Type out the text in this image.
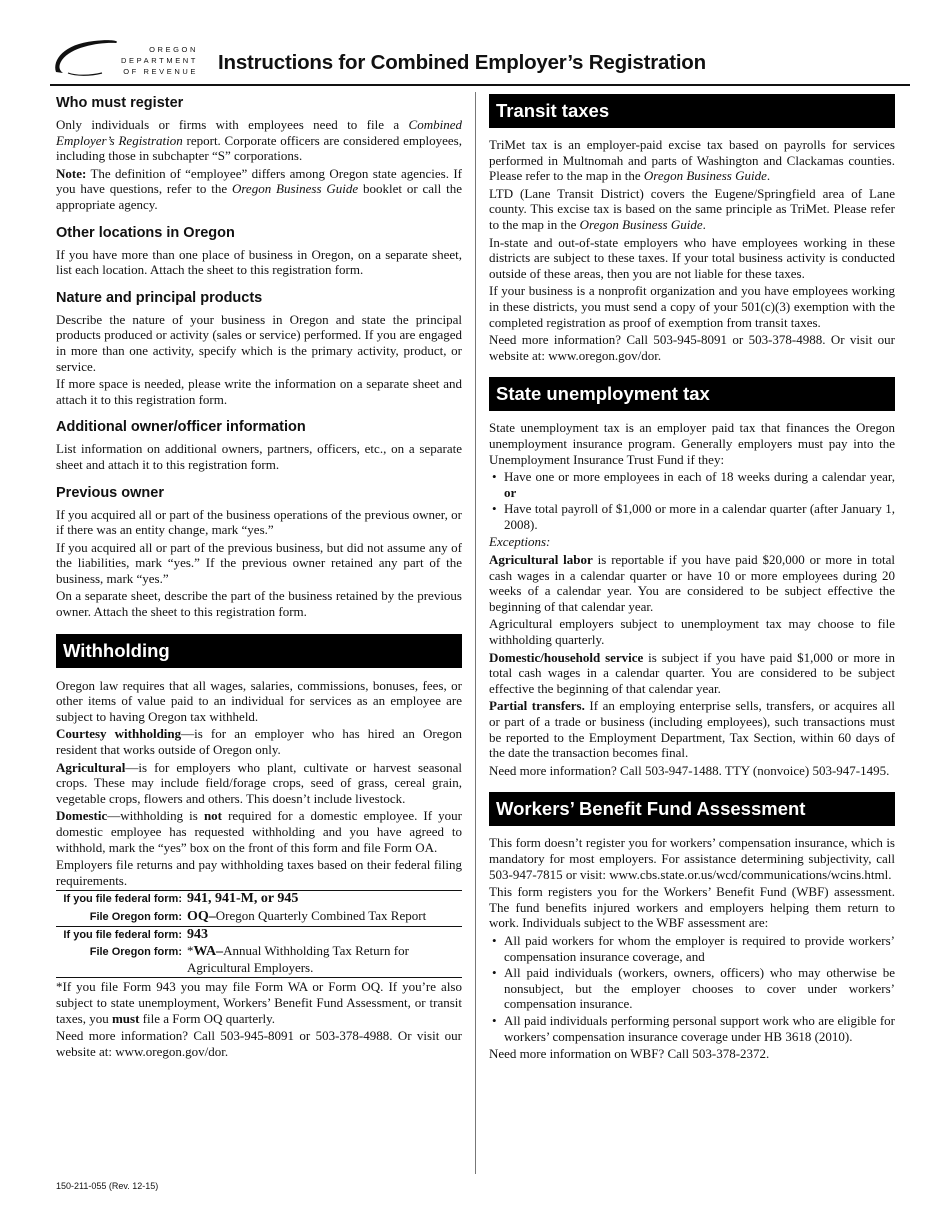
OREGON
DEPARTMENT
OF REVENUE Instructions for Combined Employer’s Registration
Who must register

Only individuals or firms with employees need to file a Combined Employer’s Registration report. Corporate officers are considered employees, including those in subchapter “S” corporations.

Note: The definition of “employee” differs among Oregon state agencies. If you have questions, refer to the Oregon Business Guide booklet or call the appropriate agency.

Other locations in Oregon

If you have more than one place of business in Oregon, on a separate sheet, list each location. Attach the sheet to this registration form.

Nature and principal products

Describe the nature of your business in Oregon and state the principal products produced or activity (sales or service) performed. If you are engaged in more than one activity, specify which is the primary activity, product, or service.

If more space is needed, please write the information on a separate sheet and attach it to this registration form.

Additional owner/officer information

List information on additional owners, partners, officers, etc., on a separate sheet and attach it to this registration form.

Previous owner

If you acquired all or part of the business operations of the previous owner, or if there was an entity change, mark “yes.”

If you acquired all or part of the previous business, but did not assume any of the liabilities, mark “yes.” If the previous owner retained any part of the business, mark “yes.”

On a separate sheet, describe the part of the business retained by the previous owner. Attach the sheet to this registration form.

Withholding

Oregon law requires that all wages, salaries, commissions, bonuses, fees, or other items of value paid to an individual for services as an employee are subject to having Oregon tax withheld.

Courtesy withholding—is for an employer who has hired an Oregon resident that works outside of Oregon only.

Agricultural—is for employers who plant, cultivate or harvest seasonal crops. These may include field/forage crops, seed of grass, cereal grain, vegetable crops, flowers and others. This doesn’t include livestock.

Domestic—withholding is not required for a domestic employee. If your domestic employee has requested withholding and you have agreed to withhold, mark the “yes” box on the front of this form and file Form OA.

Employers file returns and pay withholding taxes based on their federal filing requirements.

If you file federal form: 941, 941-M, or 945
File Oregon form: OQ–Oregon Quarterly Combined Tax Report
If you file federal form: 943
File Oregon form: *WA–Annual Withholding Tax Return for Agricultural Employers.

*If you file Form 943 you may file Form WA or Form OQ. If you’re also subject to state unemployment, Workers’ Benefit Fund Assessment, or transit taxes, you must file a Form OQ quarterly.

Need more information? Call 503-945-8091 or 503-378-4988. Or visit our website at: www.oregon.gov/dor.

Transit taxes

TriMet tax is an employer-paid excise tax based on payrolls for services performed in Multnomah and parts of Washington and Clackamas counties. Please refer to the map in the Oregon Business Guide.

LTD (Lane Transit District) covers the Eugene/Springfield area of Lane county. This excise tax is based on the same principle as TriMet. Please refer to the map in the Oregon Business Guide.

In-state and out-of-state employers who have employees working in these districts are subject to these taxes. If your total business activity is conducted outside of these areas, then you are not liable for these taxes.

If your business is a nonprofit organization and you have employees working in these districts, you must send a copy of your 501(c)(3) exemption with the completed registration as proof of exemption from transit taxes.

Need more information? Call 503-945-8091 or 503-378-4988. Or visit our website at: www.oregon.gov/dor.

State unemployment tax

State unemployment tax is an employer paid tax that finances the Oregon unemployment insurance program. Generally employers must pay into the Unemployment Insurance Trust Fund if they:

• Have one or more employees in each of 18 weeks during a calendar year, or
• Have total payroll of $1,000 or more in a calendar quarter (after January 1, 2008).

Exceptions:

Agricultural labor is reportable if you have paid $20,000 or more in total cash wages in a calendar quarter or have 10 or more employees during 20 weeks of a calendar year. You are considered to be subject effective the beginning of that calendar year.

Agricultural employers subject to unemployment tax may choose to file withholding quarterly.

Domestic/household service is subject if you have paid $1,000 or more in total cash wages in a calendar quarter. You are considered to be subject effective the beginning of that calendar year.

Partial transfers. If an employing enterprise sells, transfers, or acquires all or part of a trade or business (including employees), such transactions must be reported to the Employment Department, Tax Section, within 60 days of the date the transaction becomes final.

Need more information? Call 503-947-1488. TTY (nonvoice) 503-947-1495.

Workers’ Benefit Fund Assessment

This form doesn’t register you for workers’ compensation insurance, which is mandatory for most employers. For assistance determining subjectivity, call 503-947-7815 or visit: www.cbs.state.or.us/wcd/communications/wcins.html.

This form registers you for the Workers’ Benefit Fund (WBF) assessment. The fund benefits injured workers and employers helping them return to work. Individuals subject to the WBF assessment are:

• All paid workers for whom the employer is required to provide workers’ compensation insurance coverage, and
• All paid individuals (workers, owners, officers) who may otherwise be nonsubject, but the employer chooses to cover under workers’ compensation insurance.
• All paid individuals performing personal support work who are eligible for workers’ compensation insurance coverage under HB 3618 (2010).

Need more information on WBF? Call 503-378-2372.

150-211-055 (Rev. 12-15)
